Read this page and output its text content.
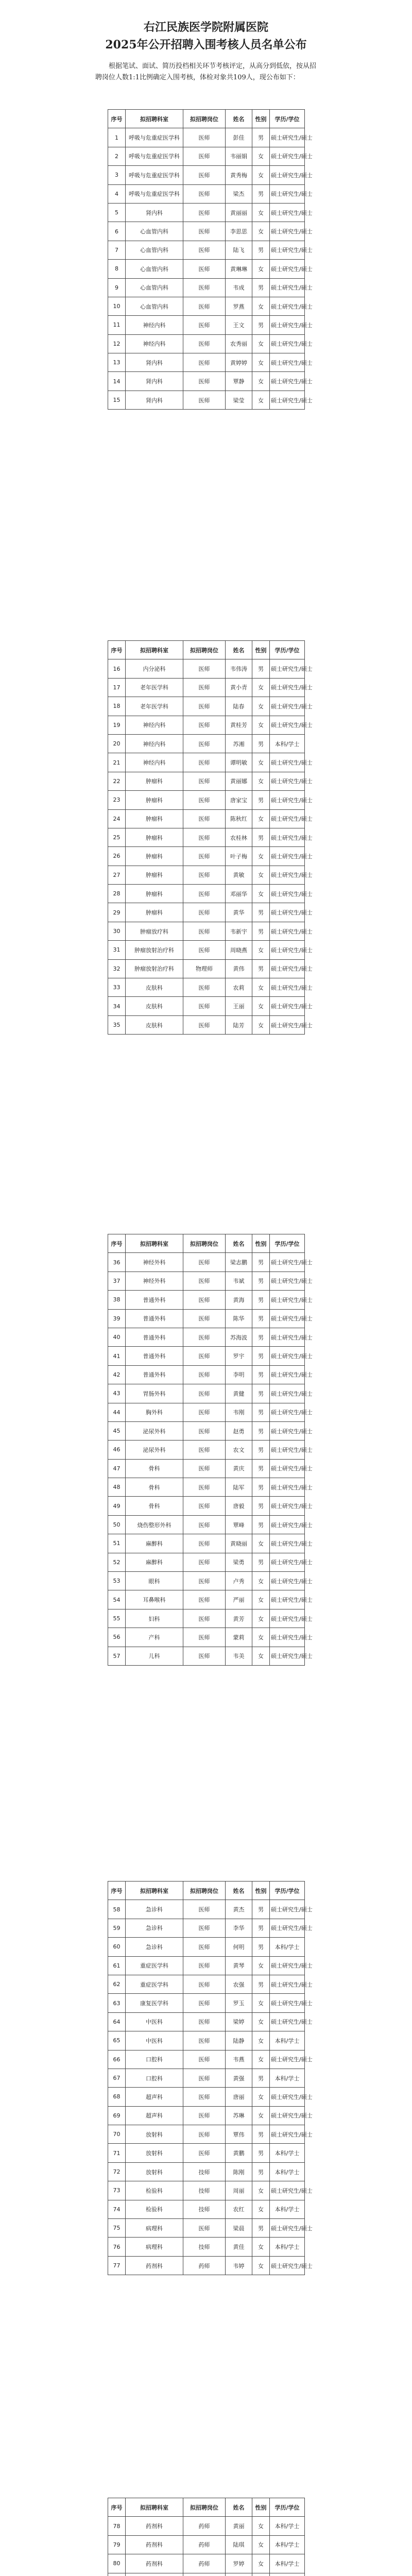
右江民族医学院附属医院
2025年公开招聘入围考核人员名单公布

根据笔试、面试、简历投档相关环节考核评定，从高分到低依，按从招聘岗位人数1:1比例确定入围考核，体检对象共109人，现公布如下：

序号	拟招聘科室	拟招聘岗位	姓名	性别	学历/学位
1	呼吸与危重症医学科	医师	彭佳	男	硕士研究生/硕士
2	呼吸与危重症医学科	医师	韦丽娟	女	硕士研究生/硕士
3	呼吸与危重症医学科	医师	黄秀梅	女	硕士研究生/硕士
4	呼吸与危重症医学科	医师	梁杰	男	硕士研究生/硕士
5	肾内科	医师	黄丽丽	女	硕士研究生/硕士
6	心血管内科	医师	李思思	女	硕士研究生/硕士
7	心血管内科	医师	陆飞	男	硕士研究生/硕士
8	心血管内科	医师	黄琳琳	女	硕士研究生/硕士
9	心血管内科	医师	韦成	男	硕士研究生/硕士
10	心血管内科	医师	罗燕	女	硕士研究生/硕士
11	神经内科	医师	王文	男	硕士研究生/硕士
12	神经内科	医师	农秀丽	女	硕士研究生/硕士
13	肾内科	医师	黄婷婷	女	硕士研究生/硕士
14	肾内科	医师	覃静	女	硕士研究生/硕士
15	肾内科	医师	梁莹	女	硕士研究生/硕士
序号	拟招聘科室	拟招聘岗位	姓名	性别	学历/学位
16	内分泌科	医师	韦伟涛	男	硕士研究生/硕士
17	老年医学科	医师	黄小青	女	硕士研究生/硕士
18	老年医学科	医师	陆春	女	硕士研究生/硕士
19	神经内科	医师	黄桂芳	女	硕士研究生/硕士
20	神经内科	医师	苏湘	男	本科/学士
21	神经内科	医师	谭明敏	女	硕士研究生/硕士
22	肿瘤科	医师	黄丽娜	女	硕士研究生/硕士
23	肿瘤科	医师	唐家宝	男	硕士研究生/硕士
24	肿瘤科	医师	陈秋红	女	硕士研究生/硕士
25	肿瘤科	医师	农桂林	男	硕士研究生/硕士
26	肿瘤科	医师	叶子梅	女	硕士研究生/硕士
27	肿瘤科	医师	黄敏	女	硕士研究生/硕士
28	肿瘤科	医师	邓丽华	女	硕士研究生/硕士
29	肿瘤科	医师	黄华	男	硕士研究生/硕士
30	肿瘤放疗科	医师	韦新宇	男	硕士研究生/硕士
31	肿瘤放射治疗科	医师	周晓燕	女	硕士研究生/硕士
32	肿瘤放射治疗科	物理师	黄伟	男	硕士研究生/硕士
33	皮肤科	医师	农莉	女	硕士研究生/硕士
34	皮肤科	医师	王丽	女	硕士研究生/硕士
35	皮肤科	医师	陆芳	女	硕士研究生/硕士
序号	拟招聘科室	拟招聘岗位	姓名	性别	学历/学位
36	神经外科	医师	梁志鹏	男	硕士研究生/硕士
37	神经外科	医师	韦斌	男	硕士研究生/硕士
38	普通外科	医师	黄海	男	硕士研究生/硕士
39	普通外科	医师	陈华	男	硕士研究生/硕士
40	普通外科	医师	苏海波	男	硕士研究生/硕士
41	普通外科	医师	罗宇	男	硕士研究生/硕士
42	普通外科	医师	李明	男	硕士研究生/硕士
43	胃肠外科	医师	黄健	男	硕士研究生/硕士
44	胸外科	医师	韦刚	男	硕士研究生/硕士
45	泌尿外科	医师	赵勇	男	硕士研究生/硕士
46	泌尿外科	医师	农文	男	硕士研究生/硕士
47	骨科	医师	黄庆	男	硕士研究生/硕士
48	骨科	医师	陆军	男	硕士研究生/硕士
49	骨科	医师	唐毅	男	硕士研究生/硕士
50	烧伤整形外科	医师	覃峰	男	硕士研究生/硕士
51	麻醉科	医师	黄晓丽	女	硕士研究生/硕士
52	麻醉科	医师	梁勇	男	硕士研究生/硕士
53	眼科	医师	卢秀	女	硕士研究生/硕士
54	耳鼻喉科	医师	严丽	女	硕士研究生/硕士
55	妇科	医师	黄芳	女	硕士研究生/硕士
56	产科	医师	蒙莉	女	硕士研究生/硕士
57	儿科	医师	韦美	女	硕士研究生/硕士
序号	拟招聘科室	拟招聘岗位	姓名	性别	学历/学位
58	急诊科	医师	黄杰	男	硕士研究生/硕士
59	急诊科	医师	李华	男	硕士研究生/硕士
60	急诊科	医师	何明	男	本科/学士
61	重症医学科	医师	黄琴	女	硕士研究生/硕士
62	重症医学科	医师	农强	男	硕士研究生/硕士
63	康复医学科	医师	罗玉	女	硕士研究生/硕士
64	中医科	医师	梁婷	女	硕士研究生/硕士
65	中医科	医师	陆静	女	本科/学士
66	口腔科	医师	韦燕	女	硕士研究生/硕士
67	口腔科	医师	黄强	男	本科/学士
68	超声科	医师	唐丽	女	硕士研究生/硕士
69	超声科	医师	苏琳	女	硕士研究生/硕士
70	放射科	医师	覃伟	男	硕士研究生/硕士
71	放射科	医师	黄鹏	男	本科/学士
72	放射科	技师	陈刚	男	本科/学士
73	检验科	技师	周丽	女	硕士研究生/硕士
74	检验科	技师	农红	女	本科/学士
75	病理科	医师	梁晨	男	硕士研究生/硕士
76	病理科	技师	黄佳	女	本科/学士
77	药剂科	药师	韦婷	女	硕士研究生/硕士
序号	拟招聘科室	拟招聘岗位	姓名	性别	学历/学位
78	药剂科	药师	黄丽	女	本科/学士
79	药剂科	药师	陆琪	女	本科/学士
80	药剂科	药师	罗婷	女	本科/学士
